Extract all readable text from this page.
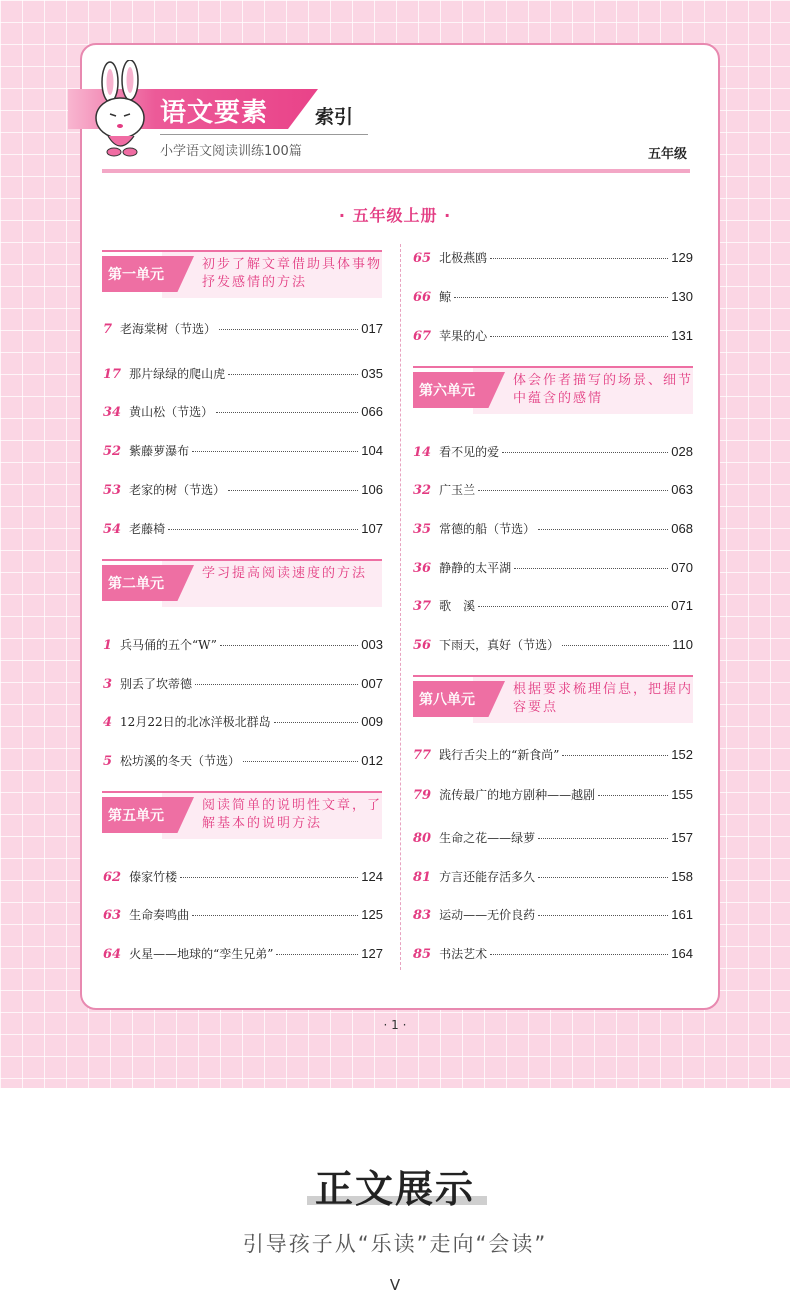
语文要素 索引
小学语文阅读训练100篇	五年级
· 五年级上册 ·
第一单元
初步了解文章借助具体事物抒发感情的方法
7 老海棠树（节选）	017
17 那片绿绿的爬山虎	035
34 黄山松（节选）	066
52 紫藤萝瀑布	104
53 老家的树（节选）	106
54 老藤椅	107
第二单元
学习提高阅读速度的方法
1 兵马俑的五个“W”	003
3 别丢了坎蒂德	007
4 12月22日的北冰洋极北群岛	009
5 松坊溪的冬天（节选）	012
第五单元
阅读简单的说明性文章，了解基本的说明方法
62 傣家竹楼	124
63 生命奏鸣曲	125
64 火星——地球的“孪生兄弟”	127
65 北极燕鸥	129
66 鲸	130
67 苹果的心	131
第六单元
体会作者描写的场景、细节中蕴含的感情
14 看不见的爱	028
32 广玉兰	063
35 常德的船（节选）	068
36 静静的太平湖	070
37 歌　溪	071
56 下雨天，真好（节选）	110
第八单元
根据要求梳理信息，把握内容要点
77 践行舌尖上的“新食尚”	152
79 流传最广的地方剧种——越剧	155
80 生命之花——绿萝	157
81 方言还能存活多久	158
83 运动——无价良药	161
85 书法艺术	164
· 1 ·
正文展示
引导孩子从“乐读”走向“会读”
V
